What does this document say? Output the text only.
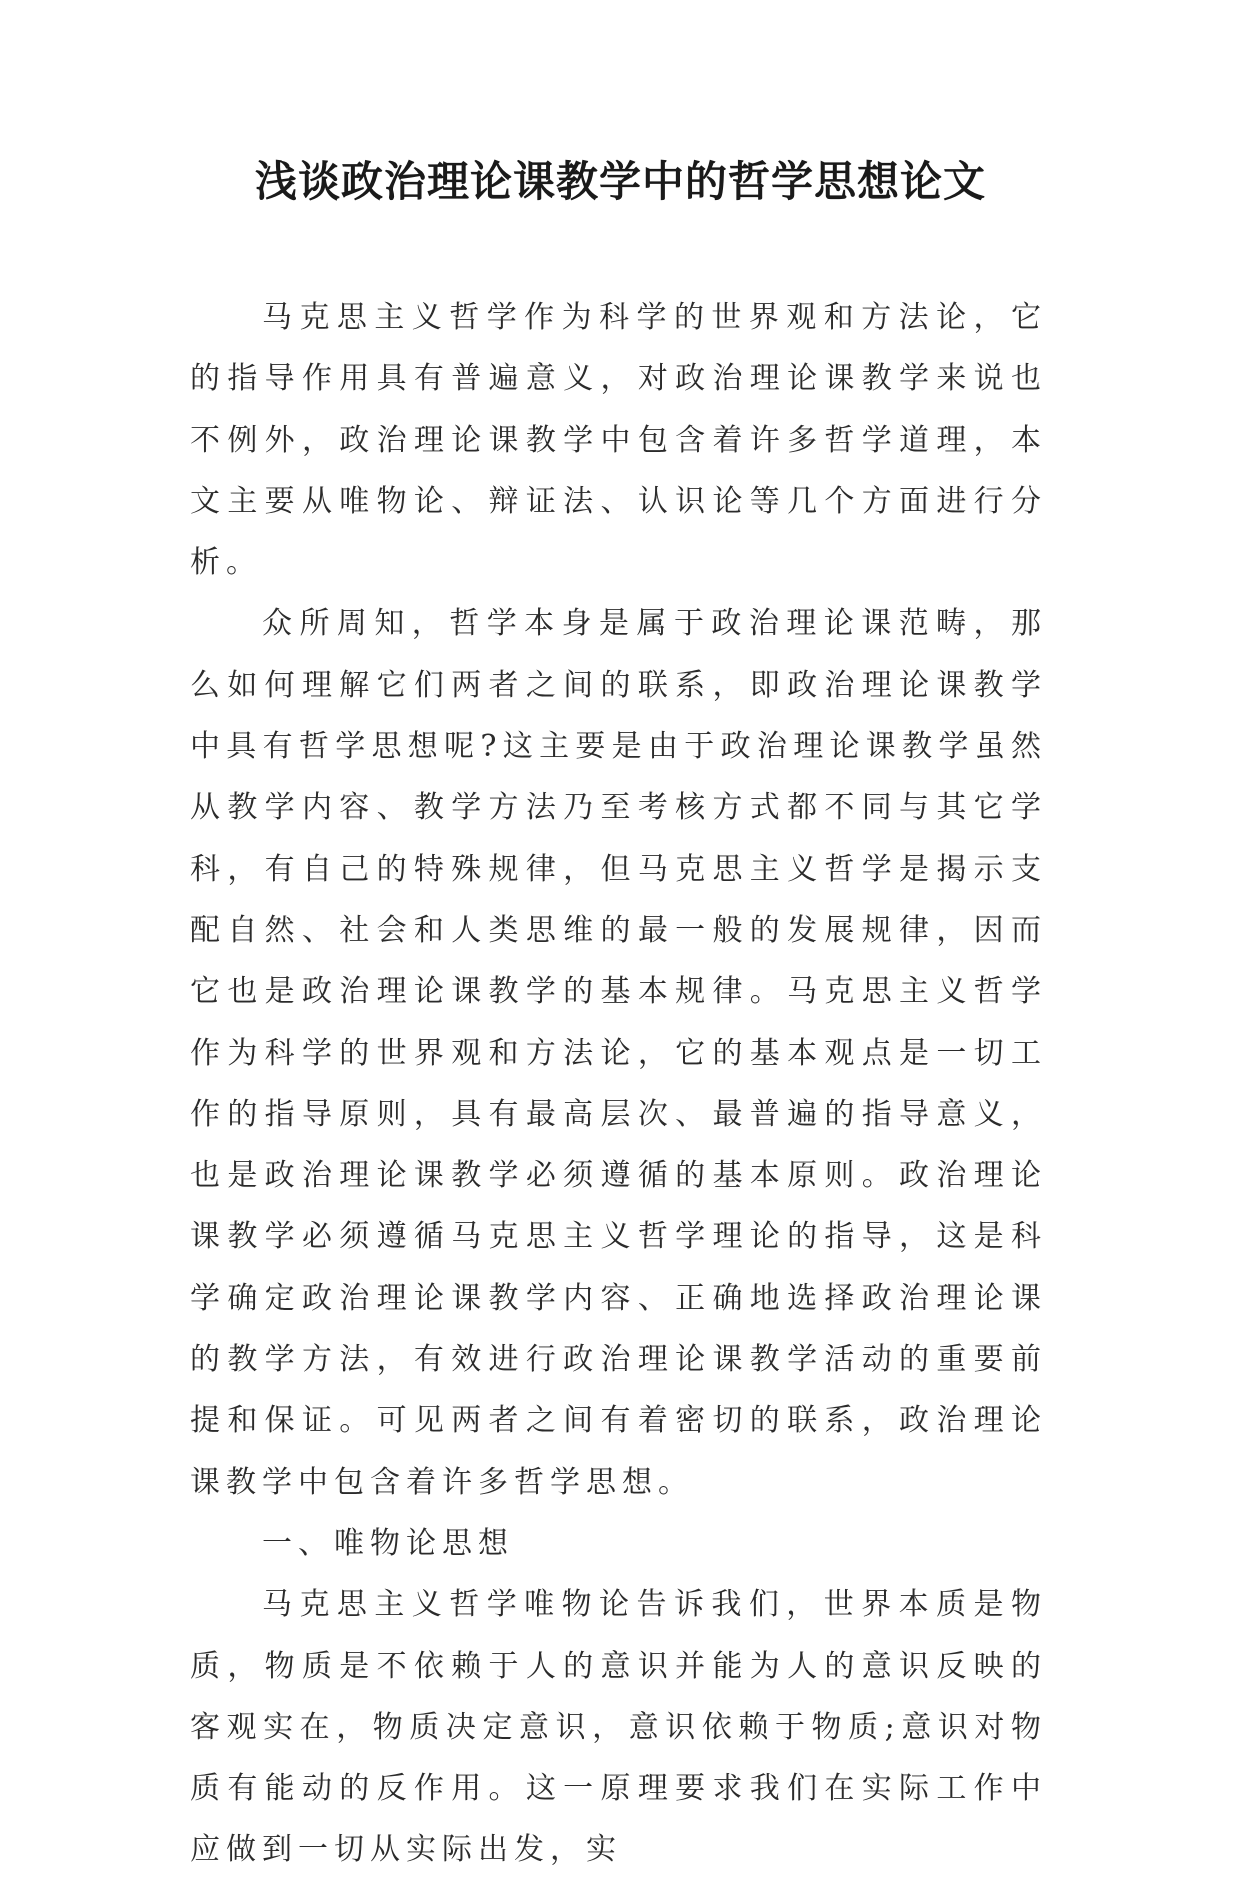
浅谈政治理论课教学中的哲学思想论文

马克思主义哲学作为科学的世界观和方法论，它的指导作用具有普遍意义，对政治理论课教学来说也不例外，政治理论课教学中包含着许多哲学道理，本文主要从唯物论、辩证法、认识论等几个方面进行分析。

众所周知，哲学本身是属于政治理论课范畴，那么如何理解它们两者之间的联系，即政治理论课教学中具有哲学思想呢?这主要是由于政治理论课教学虽然从教学内容、教学方法乃至考核方式都不同与其它学科，有自己的特殊规律，但马克思主义哲学是揭示支配自然、社会和人类思维的最一般的发展规律，因而它也是政治理论课教学的基本规律。马克思主义哲学作为科学的世界观和方法论，它的基本观点是一切工作的指导原则，具有最高层次、最普遍的指导意义，也是政治理论课教学必须遵循的基本原则。政治理论课教学必须遵循马克思主义哲学理论的指导，这是科学确定政治理论课教学内容、正确地选择政治理论课的教学方法，有效进行政治理论课教学活动的重要前提和保证。可见两者之间有着密切的联系，政治理论课教学中包含着许多哲学思想。

一、唯物论思想

马克思主义哲学唯物论告诉我们，世界本质是物质，物质是不依赖于人的意识并能为人的意识反映的客观实在，物质决定意识，意识依赖于物质;意识对物质有能动的反作用。这一原理要求我们在实际工作中应做到一切从实际出发，实
